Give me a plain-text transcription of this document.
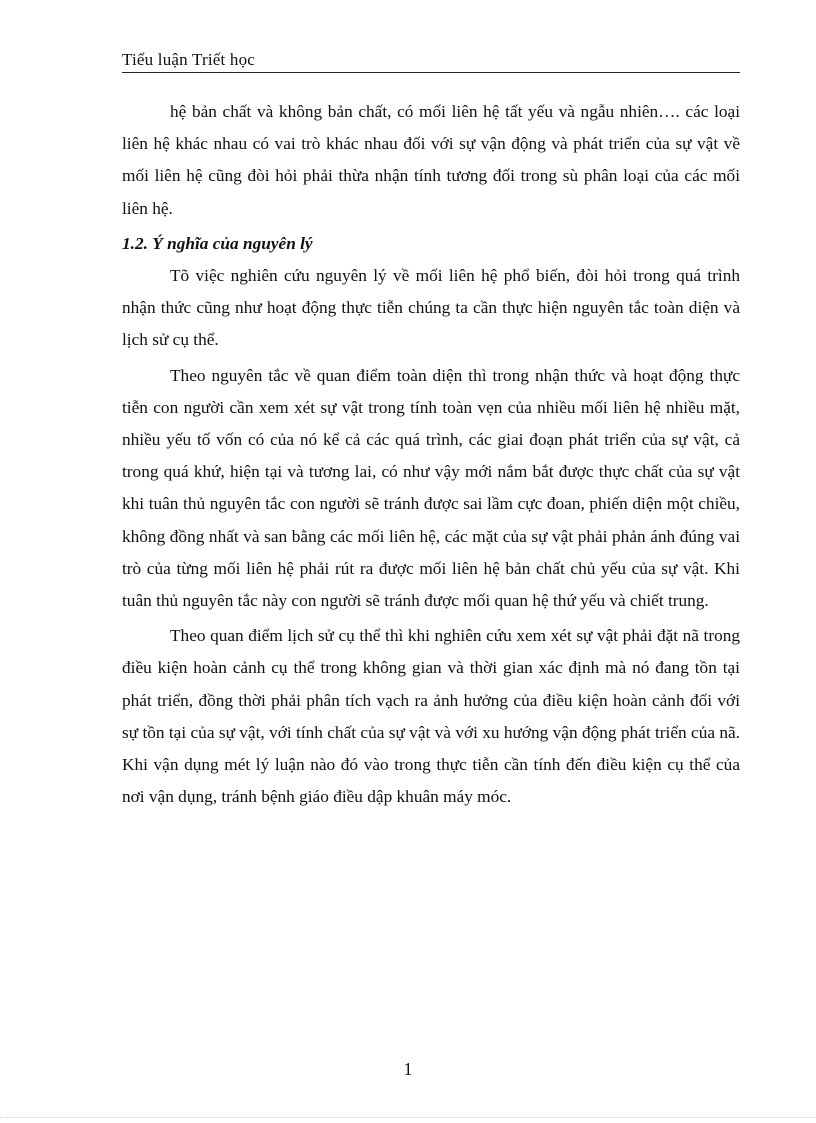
Tiểu luận Triết học

hệ bản chất và không bản chất, có mối liên hệ tất yếu và ngẫu nhiên…. các loại liên hệ khác nhau có vai trò khác nhau đối với sự vận động và phát triển của sự vật về mối liên hệ cũng đòi hỏi phải thừa nhận tính tương đối trong sù phân loại của các mối liên hệ.

1.2. Ý nghĩa của nguyên lý

Tõ việc nghiên cứu nguyên lý về mối liên hệ phổ biến, đòi hỏi trong quá trình nhận thức cũng như hoạt động thực tiễn chúng ta cần thực hiện nguyên tắc toàn diện và lịch sử cụ thể.

Theo nguyên tắc về quan điểm toàn diện thì trong nhận thức và hoạt động thực tiễn con người cần xem xét sự vật trong tính toàn vẹn của nhiều mối liên hệ nhiều mặt, nhiều yếu tố vốn có của nó kể cả các quá trình, các giai đoạn phát triển của sự vật, cả trong quá khứ, hiện tại và tương lai, có như vậy mới nắm bắt được thực chất của sự vật khi tuân thủ nguyên tắc con người sẽ tránh được sai lầm cực đoan, phiến diện một chiều, không đồng nhất và san bằng các mối liên hệ, các mặt của sự vật phải phản ánh đúng vai trò của từng mối liên hệ phải rút ra được mối liên hệ bản chất chủ yếu của sự vật. Khi tuân thủ nguyên tắc này con người sẽ tránh được mối quan hệ thứ yếu và chiết trung.

Theo quan điểm lịch sử cụ thể thì khi nghiên cứu xem xét sự vật phải đặt nã trong điều kiện hoàn cảnh cụ thể trong không gian và thời gian xác định mà nó đang tồn tại phát triển, đồng thời phải phân tích vạch ra ảnh hưởng của điều kiện hoàn cảnh đối với sự tồn tại của sự vật, với tính chất của sự vật và với xu hướng vận động phát triển của nã. Khi vận dụng mét lý luận nào đó vào trong thực tiễn cần tính đến điều kiện cụ thể của nơi vận dụng, tránh bệnh giáo điều dập khuân máy móc.

1
